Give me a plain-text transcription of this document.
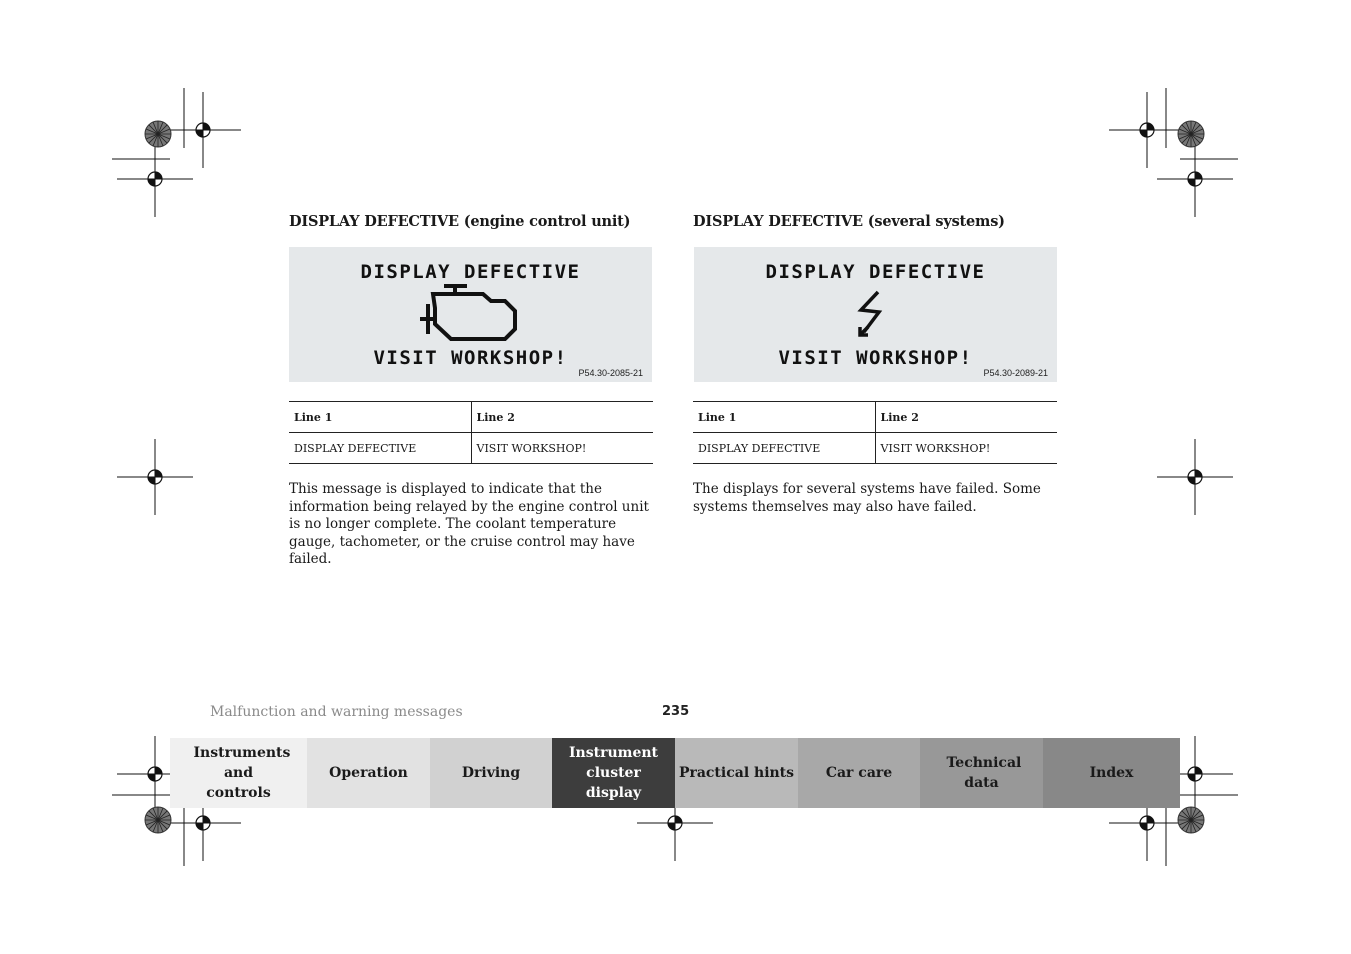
DISPLAY DEFECTIVE (engine control unit)
DISPLAY DEFECTIVE
VISIT WORKSHOP!
P54.30-2085-21
Line 1	Line 2
DISPLAY DEFECTIVE	VISIT WORKSHOP!
This message is displayed to indicate that the information being relayed by the engine control unit is no longer complete. The coolant temperature gauge, tachometer, or the cruise control may have failed.
DISPLAY DEFECTIVE (several systems)
DISPLAY DEFECTIVE
VISIT WORKSHOP!
P54.30-2089-21
Line 1	Line 2
DISPLAY DEFECTIVE	VISIT WORKSHOP!
The displays for several systems have failed. Some systems themselves may also have failed.
Malfunction and warning messages	235
Instruments and controls
Operation	Driving
Instrument cluster display
Practical hints	Car care
Technical data
Index
